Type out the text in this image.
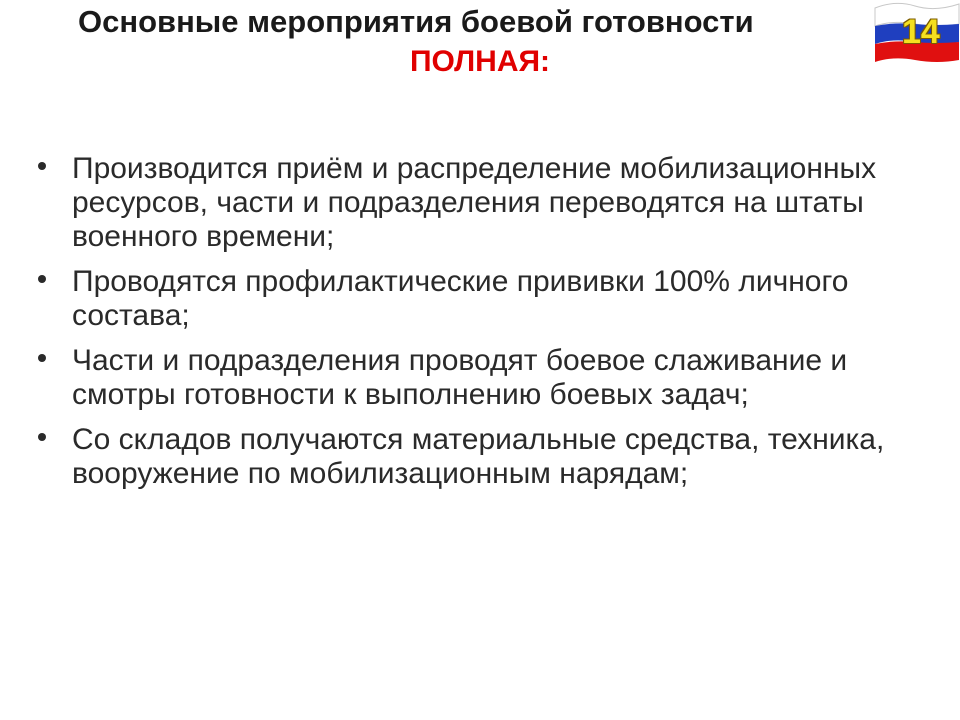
Основные мероприятия боевой готовности
ПОЛНАЯ:
14
Производится приём и распределение мобилизационных ресурсов, части и подразделения переводятся на штаты военного времени;
Проводятся профилактические прививки 100% личного состава;
Части и подразделения проводят боевое слаживание и смотры готовности к выполнению боевых задач;
Со складов получаются материальные средства, техника, вооружение по мобилизационным нарядам;
